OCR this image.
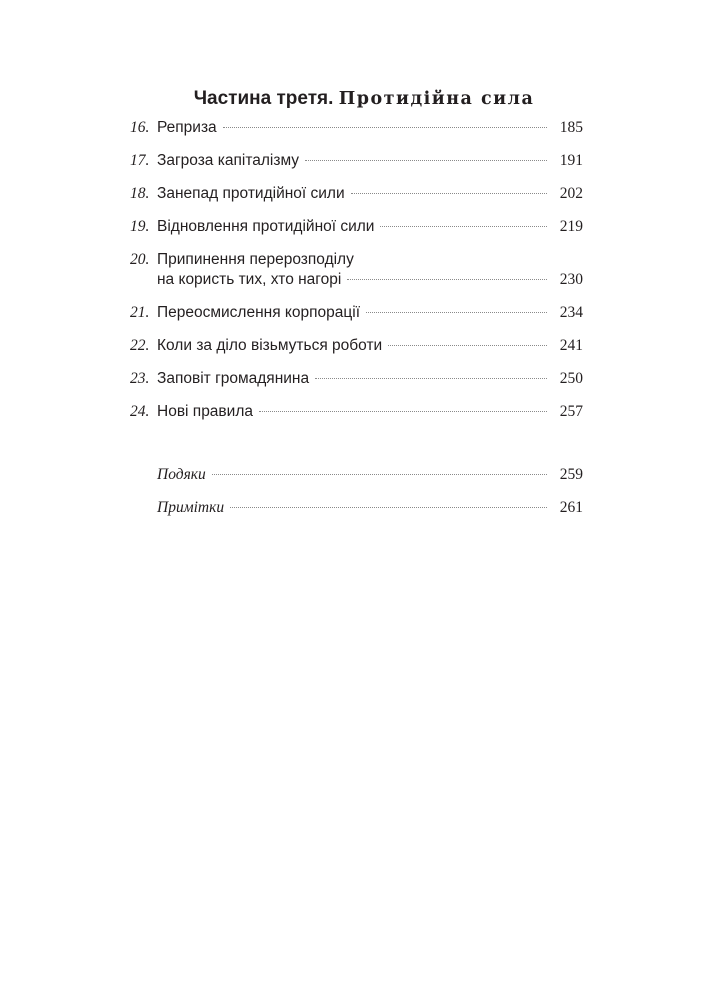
Частина третя. Протидійна сила
16. Реприза	185
17. Загроза капіталізму	191
18. Занепад протидійної сили	202
19. Відновлення протидійної сили	219
20. Припинення перерозподілу
на користь тих, хто нагорі	230
21. Переосмислення корпорації	234
22. Коли за діло візьмуться роботи	241
23. Заповіт громадянина	250
24. Нові правила	257
Подяки	259
Примітки	261
